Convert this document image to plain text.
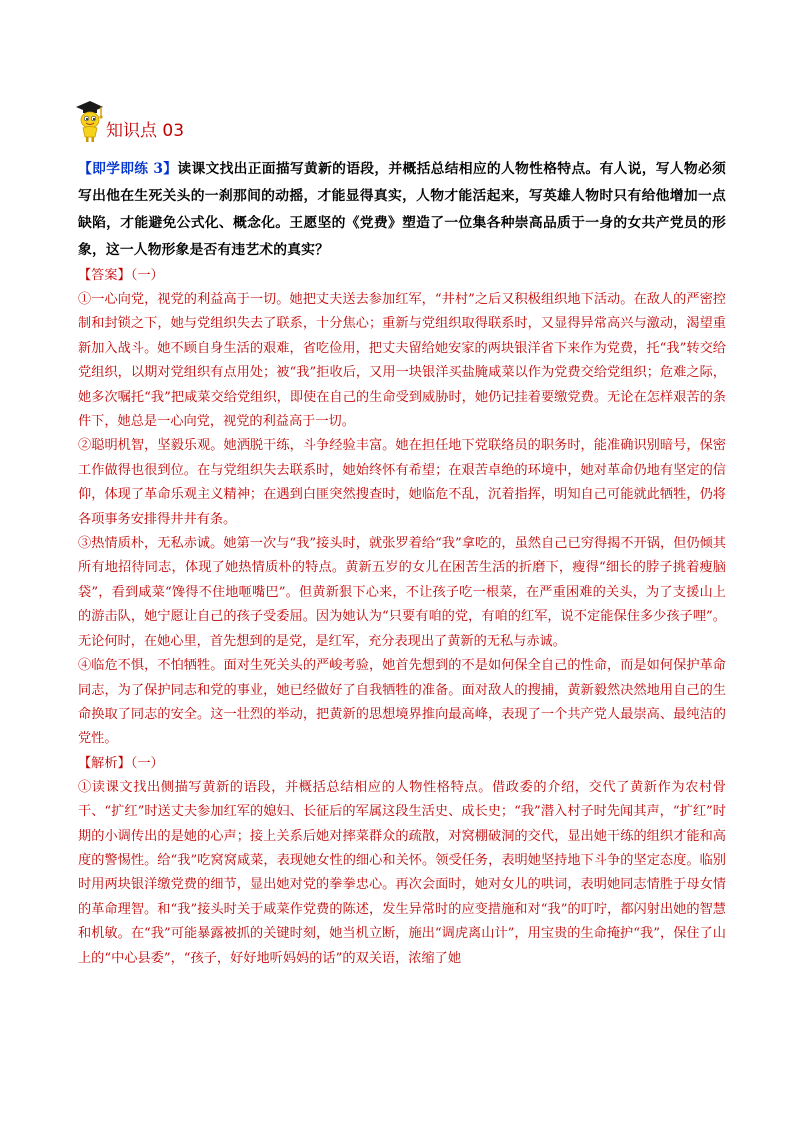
知识点 03

【即学即练 3】读课文找出正面描写黄新的语段，并概括总结相应的人物性格特点。有人说，写人物必须写出他在生死关头的一刹那间的动摇，才能显得真实，人物才能活起来，写英雄人物时只有给他增加一点缺陷，才能避免公式化、概念化。王愿坚的《党费》塑造了一位集各种崇高品质于一身的女共产党员的形象，这一人物形象是否有违艺术的真实？

【答案】（一）

①一心向党，视党的利益高于一切。她把丈夫送去参加红军，“井村”之后又积极组织地下活动。在敌人的严密控制和封锁之下，她与党组织失去了联系，十分焦心；重新与党组织取得联系时，又显得异常高兴与激动，渴望重新加入战斗。她不顾自身生活的艰难，省吃俭用，把丈夫留给她安家的两块银洋省下来作为党费，托“我”转交给党组织，以期对党组织有点用处；被“我”拒收后，又用一块银洋买盐腌咸菜以作为党费交给党组织；危难之际，她多次嘱托“我”把咸菜交给党组织，即使在自己的生命受到威胁时，她仍记挂着要缴党费。无论在怎样艰苦的条件下，她总是一心向党，视党的利益高于一切。

②聪明机智，坚毅乐观。她洒脱干练，斗争经验丰富。她在担任地下党联络员的职务时，能准确识别暗号，保密工作做得也很到位。在与党组织失去联系时，她始终怀有希望；在艰苦卓绝的环境中，她对革命仍地有坚定的信仰，体现了革命乐观主义精神；在遇到白匪突然搜查时，她临危不乱，沉着指挥，明知自己可能就此牺牲，仍将各项事务安排得井井有条。

③热情质朴，无私赤诚。她第一次与“我”接头时，就张罗着给“我”拿吃的，虽然自己已穷得揭不开锅，但仍倾其所有地招待同志，体现了她热情质朴的特点。黄新五岁的女儿在困苦生活的折磨下，瘦得“细长的脖子挑着瘦脑袋”，看到咸菜“馋得不住地咂嘴巴”。但黄新狠下心来，不让孩子吃一根菜，在严重困难的关头，为了支援山上的游击队，她宁愿让自己的孩子受委屈。因为她认为“只要有咱的党，有咱的红军，说不定能保住多少孩子哩”。无论何时，在她心里，首先想到的是党，是红军，充分表现出了黄新的无私与赤诚。

④临危不惧，不怕牺牲。面对生死关头的严峻考验，她首先想到的不是如何保全自己的性命，而是如何保护革命同志，为了保护同志和党的事业，她已经做好了自我牺牲的准备。面对敌人的搜捕，黄新毅然决然地用自己的生命换取了同志的安全。这一壮烈的举动，把黄新的思想境界推向最高峰，表现了一个共产党人最崇高、最纯洁的党性。

【解析】（一）

①读课文找出侧描写黄新的语段，并概括总结相应的人物性格特点。借政委的介绍，交代了黄新作为农村骨干、“扩红”时送丈夫参加红军的媳妇、长征后的军属这段生活史、成长史；“我”潜入村子时先闻其声，“扩红”时期的小调传出的是她的心声；接上关系后她对摔菜群众的疏散，对窝棚破洞的交代，显出她干练的组织才能和高度的警惕性。给“我”吃窝窝咸菜，表现她女性的细心和关怀。领受任务，表明她坚持地下斗争的坚定态度。临别时用两块银洋缴党费的细节，显出她对党的拳拳忠心。再次会面时，她对女儿的哄词，表明她同志情胜于母女情的革命理智。和“我”接头时关于咸菜作党费的陈述，发生异常时的应变措施和对“我”的叮咛，都闪射出她的智慧和机敏。在“我”可能暴露被抓的关键时刻，她当机立断，施出“调虎离山计”，用宝贵的生命掩护“我”，保住了山上的“中心县委”，“孩子，好好地听妈妈的话”的双关语，浓缩了她
